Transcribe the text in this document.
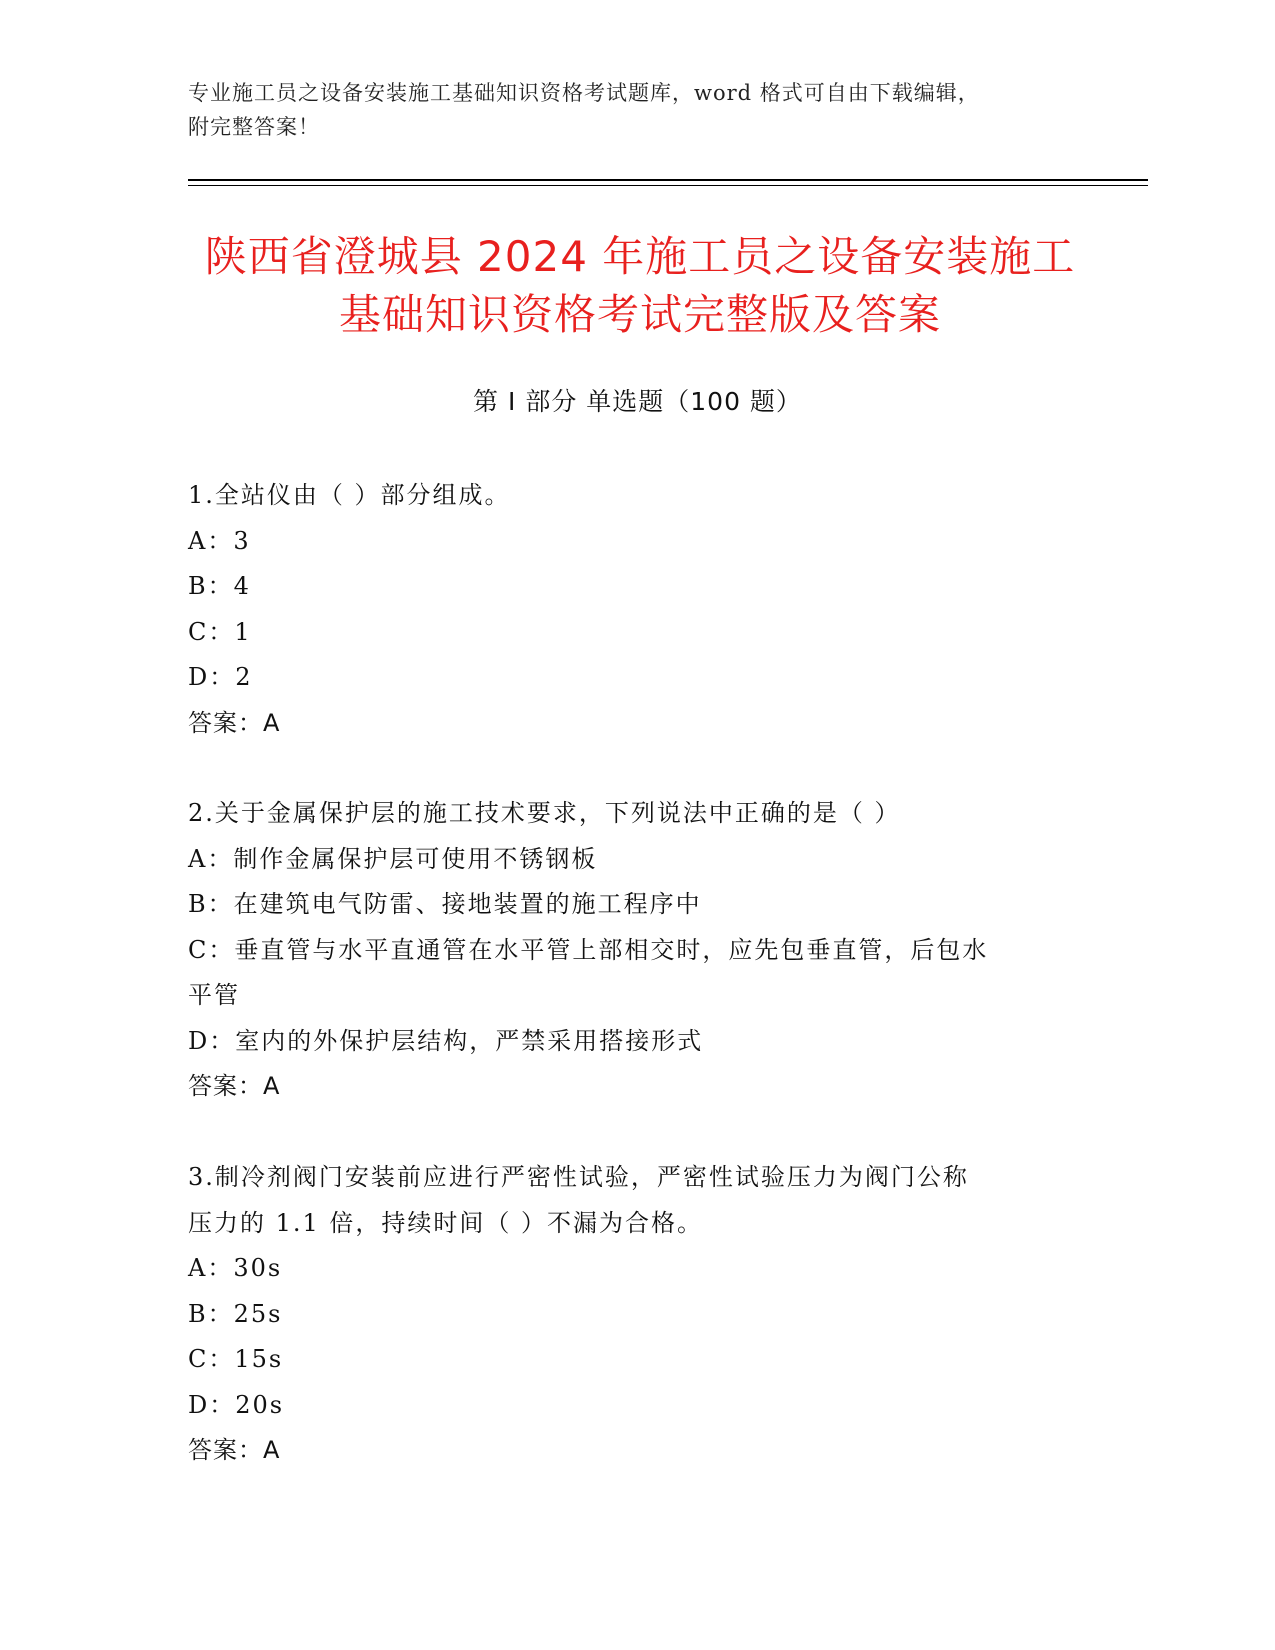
专业施工员之设备安装施工基础知识资格考试题库，word 格式可自由下载编辑，
附完整答案！
陕西省澄城县 2024 年施工员之设备安装施工
基础知识资格考试完整版及答案
第 I 部分 单选题（100 题）
1.全站仪由（ ）部分组成。
A：3
B：4
C：1
D：2
答案：A
2.关于金属保护层的施工技术要求，下列说法中正确的是（ ）
A：制作金属保护层可使用不锈钢板
B：在建筑电气防雷、接地装置的施工程序中
C：垂直管与水平直通管在水平管上部相交时，应先包垂直管，后包水
平管
D：室内的外保护层结构，严禁采用搭接形式
答案：A
3.制冷剂阀门安装前应进行严密性试验，严密性试验压力为阀门公称
压力的 1.1 倍，持续时间（ ）不漏为合格。
A：30s
B：25s
C：15s
D：20s
答案：A
